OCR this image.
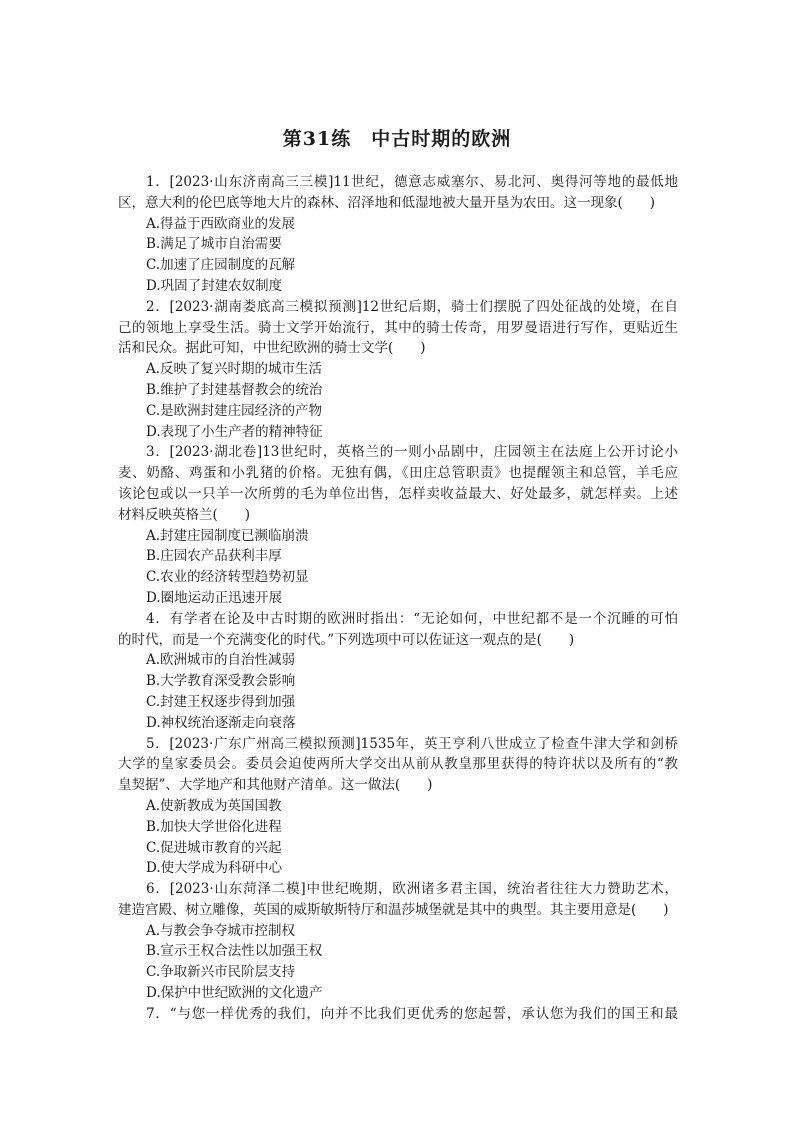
第31练　中古时期的欧洲
1．[2023·山东济南高三三模]11世纪，德意志威塞尔、易北河、奥得河等地的最低地
区，意大利的伦巴底等地大片的森林、沼泽地和低湿地被大量开垦为农田。这一现象(　　)
A.得益于西欧商业的发展
B.满足了城市自治需要
C.加速了庄园制度的瓦解
D.巩固了封建农奴制度
2．[2023·湖南娄底高三模拟预测]12世纪后期，骑士们摆脱了四处征战的处境，在自
己的领地上享受生活。骑士文学开始流行，其中的骑士传奇，用罗曼语进行写作，更贴近生
活和民众。据此可知，中世纪欧洲的骑士文学(　　)
A.反映了复兴时期的城市生活
B.维护了封建基督教会的统治
C.是欧洲封建庄园经济的产物
D.表现了小生产者的精神特征
3．[2023·湖北卷]13世纪时，英格兰的一则小品剧中，庄园领主在法庭上公开讨论小
麦、奶酪、鸡蛋和小乳猪的价格。无独有偶，《田庄总管职责》也提醒领主和总管，羊毛应
该论包或以一只羊一次所剪的毛为单位出售，怎样卖收益最大、好处最多，就怎样卖。上述
材料反映英格兰(　　)
A.封建庄园制度已濒临崩溃
B.庄园农产品获利丰厚
C.农业的经济转型趋势初显
D.圈地运动正迅速开展
4．有学者在论及中古时期的欧洲时指出：“无论如何，中世纪都不是一个沉睡的可怕
的时代，而是一个充满变化的时代。”下列选项中可以佐证这一观点的是(　　)
A.欧洲城市的自治性减弱
B.大学教育深受教会影响
C.封建王权逐步得到加强
D.神权统治逐渐走向衰落
5．[2023·广东广州高三模拟预测]1535年，英王亨利八世成立了检查牛津大学和剑桥
大学的皇家委员会。委员会迫使两所大学交出从前从教皇那里获得的特许状以及所有的“教
皇契据”、大学地产和其他财产清单。这一做法(　　)
A.使新教成为英国国教
B.加快大学世俗化进程
C.促进城市教育的兴起
D.使大学成为科研中心
6．[2023·山东菏泽二模]中世纪晚期，欧洲诸多君主国，统治者往往大力赞助艺术，
建造宫殿、树立雕像，英国的威斯敏斯特厅和温莎城堡就是其中的典型。其主要用意是(　　)
A.与教会争夺城市控制权
B.宣示王权合法性以加强王权
C.争取新兴市民阶层支持
D.保护中世纪欧洲的文化遗产
7．“与您一样优秀的我们，向并不比我们更优秀的您起誓，承认您为我们的国王和最
